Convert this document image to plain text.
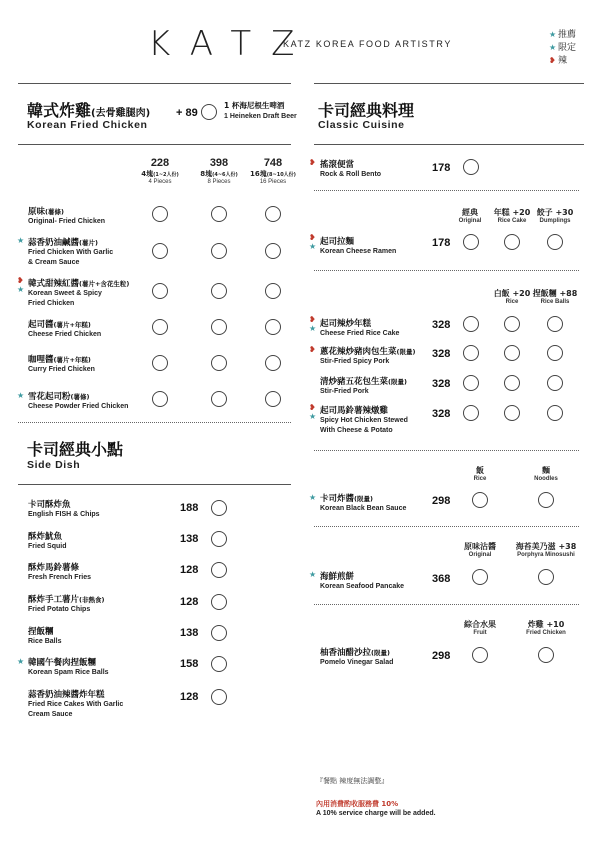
KATZ
KATZ KOREA FOOD ARTISTRY
★ 推薦
★ 限定
❥ 辣
韓式炸雞(去骨雞腿肉)
Korean Fried Chicken
+ 89
1 杯海尼根生啤酒
1 Heineken Draft Beer
228
4塊(1~2人份)
4 Pieces
398
8塊(4~6人份)
8 Pieces
748
16塊(8~10人份)
16 Pieces
原味(薯條)
Original- Fried Chicken
★ 蒜香奶油鹹醬(薯片)
Fried Chicken With Garlic
& Cream Sauce
❥
★
韓式甜辣紅醬(薯片+含花生粒)
Korean Sweet & Spicy
Fried Chicken
起司醬(薯片+年糕)
Cheese Fried Chicken
咖哩醬(薯片+年糕)
Curry Fried Chicken
★ 雪花起司粉(薯條)
Cheese Powder Fried Chicken
卡司經典小點
Side Dish
卡司酥炸魚
English FISH & Chips
188
酥炸魷魚
Fried Squid
138
酥炸馬鈴薯條
Fresh French Fries
128
酥炸手工薯片(非熱食)
Fried Potato Chips
128
捏飯糰
Rice Balls
138
★ 韓國午餐肉捏飯糰
Korean Spam Rice Balls
158
蒜香奶油辣醬炸年糕
Fried Rice Cakes With Garlic
Cream Sauce
128
卡司經典料理
Classic Cuisine
❥ 搖滾便當
Rock & Roll Bento
178
經典
Original
年糕 +20
Rice Cake
餃子 +30
Dumplings
❥
★ 起司拉麵
Korean Cheese Ramen
178
白飯 +20
Rice
捏飯糰 +88
Rice Balls
❥
★ 起司辣炒年糕
Cheese Fried Rice Cake
328
❥ 蔥花辣炒豬肉包生菜(限量)
Stir-Fried Spicy Pork
328
清炒豬五花包生菜(限量)
Stir-Fried Pork
328
❥
★
起司馬鈴薯辣燉雞
Spicy Hot Chicken Stewed
With Cheese & Potato
328
飯
Rice
麵
Noodles
★ 卡司炸醬(限量)
Korean Black Bean Sauce
298
原味沾醬
Original
海苔美乃滋 +38
Porphyra Minosushi
★ 海鮮煎餅
Korean Seafood Pancake
368
綜合水果
Fruit
炸雞 +10
Fried Chicken
柚香油醋沙拉(限量)
Pomelo Vinegar Salad
298
『餐點 辣度無法調整』
內用消費酌收服務費 10%
A 10% service charge will be added.
